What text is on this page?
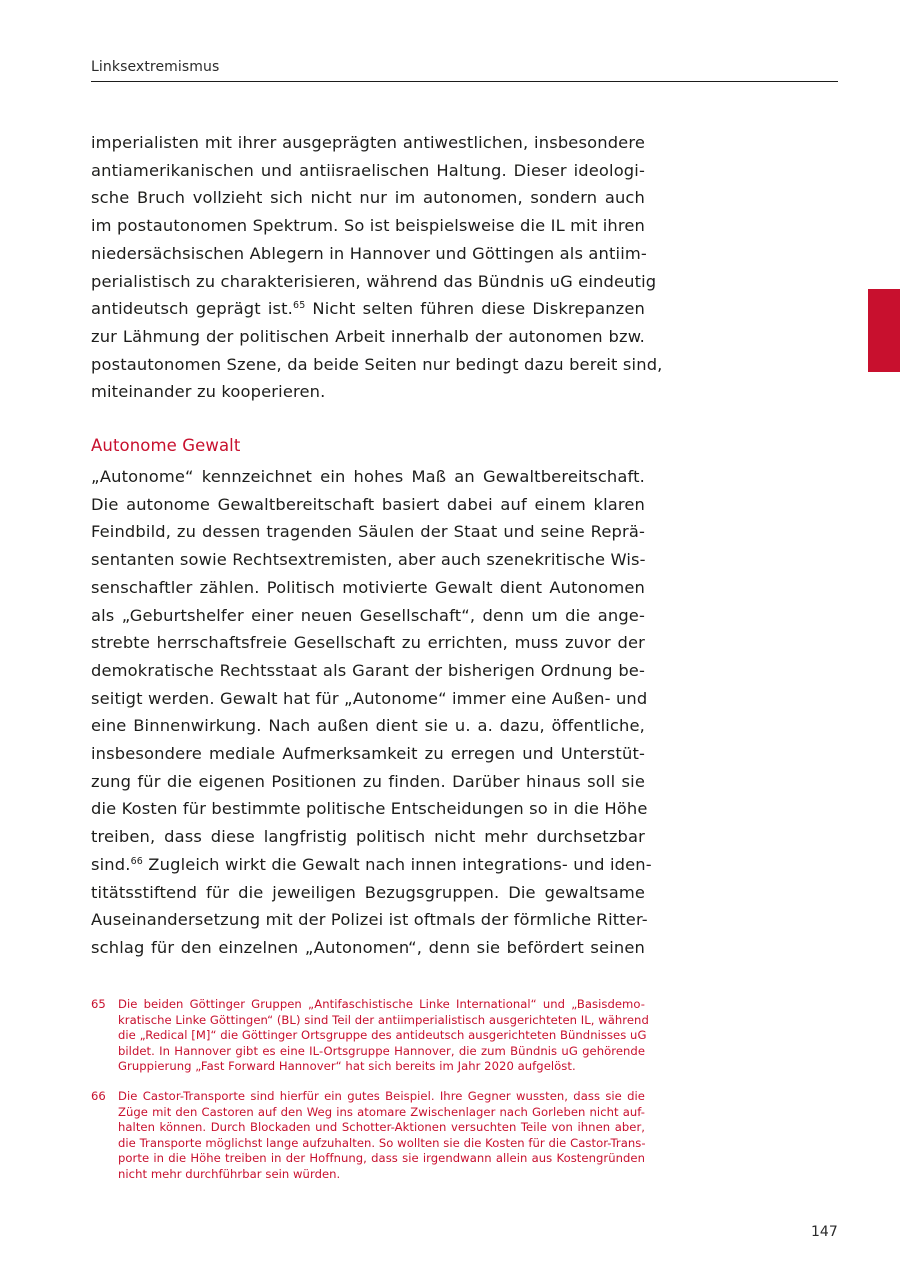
Linksextremismus
imperialisten mit ihrer ausgeprägten antiwestlichen, insbesondere
antiamerikanischen und antiisraelischen Haltung. Dieser ideologi-
sche Bruch vollzieht sich nicht nur im autonomen, sondern auch
im postautonomen Spektrum. So ist beispielsweise die IL mit ihren
niedersächsischen Ablegern in Hannover und Göttingen als antiim-
perialistisch zu charakterisieren, während das Bündnis uG eindeutig
antideutsch geprägt ist.$^{65}$ Nicht selten führen diese Diskrepanzen
zur Lähmung der politischen Arbeit innerhalb der autonomen bzw.
postautonomen Szene, da beide Seiten nur bedingt dazu bereit sind,
miteinander zu kooperieren.
Autonome Gewalt
„Autonome“ kennzeichnet ein hohes Maß an Gewaltbereitschaft.
Die autonome Gewaltbereitschaft basiert dabei auf einem klaren
Feindbild, zu dessen tragenden Säulen der Staat und seine Reprä-
sentanten sowie Rechtsextremisten, aber auch szenekritische Wis-
senschaftler zählen. Politisch motivierte Gewalt dient Autonomen
als „Geburtshelfer einer neuen Gesellschaft“, denn um die ange-
strebte herrschaftsfreie Gesellschaft zu errichten, muss zuvor der
demokratische Rechtsstaat als Garant der bisherigen Ordnung be-
seitigt werden. Gewalt hat für „Autonome“ immer eine Außen- und
eine Binnenwirkung. Nach außen dient sie u. a. dazu, öffentliche,
insbesondere mediale Aufmerksamkeit zu erregen und Unterstüt-
zung für die eigenen Positionen zu finden. Darüber hinaus soll sie
die Kosten für bestimmte politische Entscheidungen so in die Höhe
treiben, dass diese langfristig politisch nicht mehr durchsetzbar
sind.$^{66}$ Zugleich wirkt die Gewalt nach innen integrations- und iden-
titätsstiftend für die jeweiligen Bezugsgruppen. Die gewaltsame
Auseinandersetzung mit der Polizei ist oftmals der förmliche Ritter-
schlag für den einzelnen „Autonomen“, denn sie befördert seinen
65 Die beiden Göttinger Gruppen „Antifaschistische Linke International“ und „Basisdemo-
kratische Linke Göttingen“ (BL) sind Teil der antiimperialistisch ausgerichteten IL, während
die „Redical [M]“ die Göttinger Ortsgruppe des antideutsch ausgerichteten Bündnisses uG
bildet. In Hannover gibt es eine IL-Ortsgruppe Hannover, die zum Bündnis uG gehörende
Gruppierung „Fast Forward Hannover“ hat sich bereits im Jahr 2020 aufgelöst.
66 Die Castor-Transporte sind hierfür ein gutes Beispiel. Ihre Gegner wussten, dass sie die
Züge mit den Castoren auf den Weg ins atomare Zwischenlager nach Gorleben nicht auf-
halten können. Durch Blockaden und Schotter-Aktionen versuchten Teile von ihnen aber,
die Transporte möglichst lange aufzuhalten. So wollten sie die Kosten für die Castor-Trans-
porte in die Höhe treiben in der Hoffnung, dass sie irgendwann allein aus Kostengründen
nicht mehr durchführbar sein würden.
147
